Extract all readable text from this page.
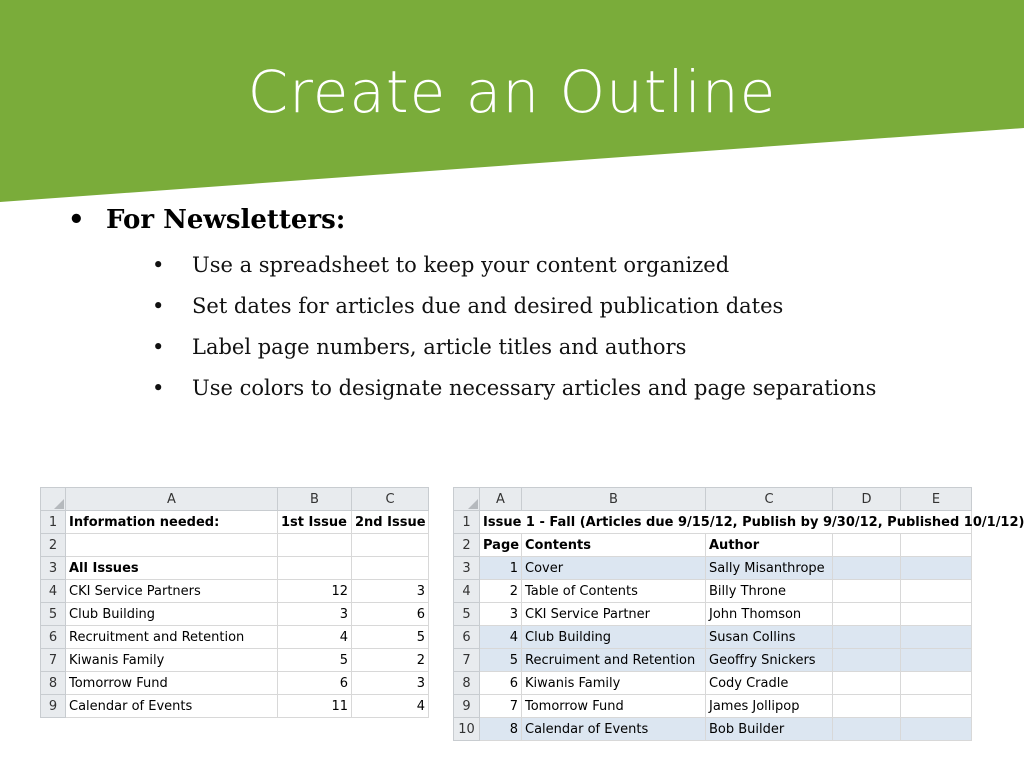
Create an Outline
• For Newsletters:
• Use a spreadsheet to keep your content organized
• Set dates for articles due and desired publication dates
• Label page numbers, article titles and authors
• Use colors to designate necessary articles and page separations
	A	B	C
1	Information needed:	1st Issue	2nd Issue
2			
3	All Issues		
4	CKI Service Partners	12	3
5	Club Building	3	6
6	Recruitment and Retention	4	5
7	Kiwanis Family	5	2
8	Tomorrow Fund	6	3
9	Calendar of Events	11	4
	A	B	C	D	E
1	Issue 1 - Fall (Articles due 9/15/12, Publish by 9/30/12, Published 10/1/12)				
2	Page	Contents	Author		
3	1	Cover	Sally Misanthrope		
4	2	Table of Contents	Billy Throne		
5	3	CKI Service Partner	John Thomson		
6	4	Club Building	Susan Collins		
7	5	Recruiment and Retention	Geoffry Snickers		
8	6	Kiwanis Family	Cody Cradle		
9	7	Tomorrow Fund	James Jollipop		
10	8	Calendar of Events	Bob Builder		
